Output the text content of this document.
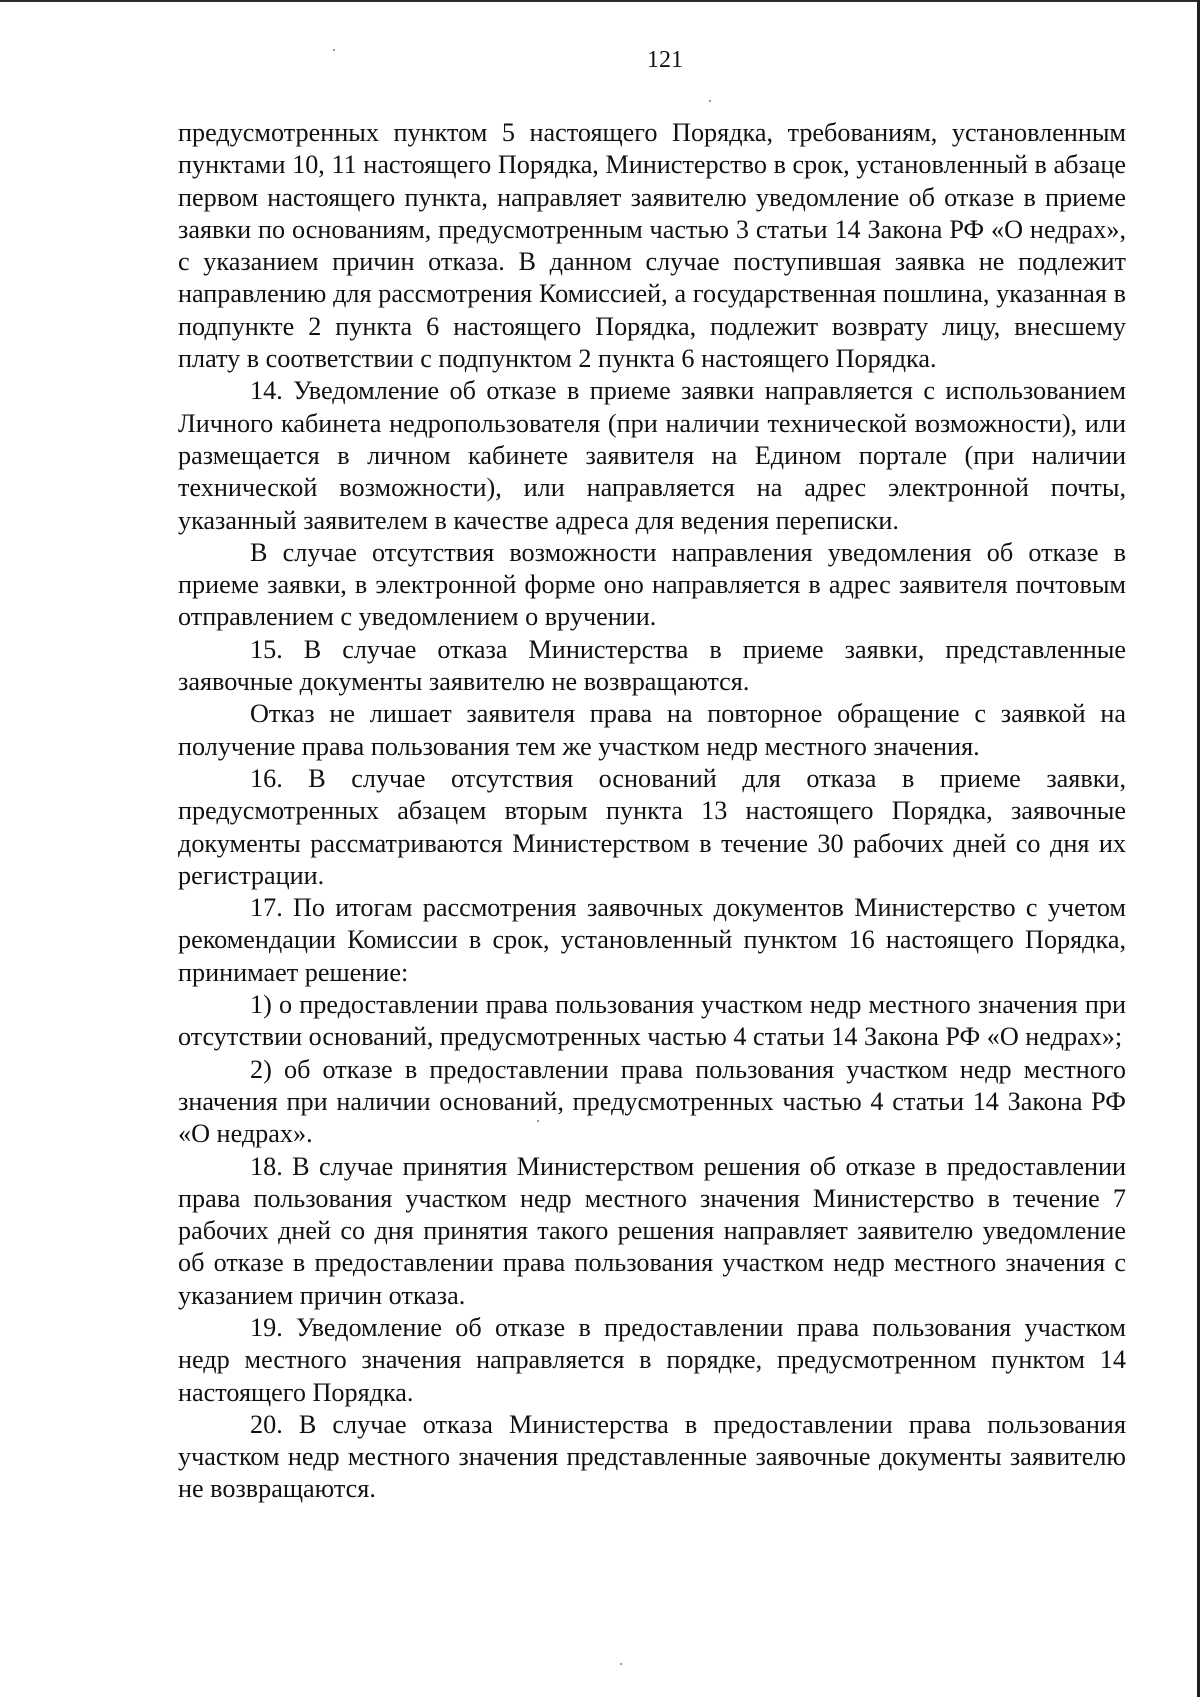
121

предусмотренных пунктом 5 настоящего Порядка, требованиям, установленным пунктами 10, 11 настоящего Порядка, Министерство в срок, установленный в абзаце первом настоящего пункта, направляет заявителю уведомление об отказе в приеме заявки по основаниям, предусмотренным частью 3 статьи 14 Закона РФ «О недрах», с указанием причин отказа. В данном случае поступившая заявка не подлежит направлению для рассмотрения Комиссией, а государственная пошлина, указанная в подпункте 2 пункта 6 настоящего Порядка, подлежит возврату лицу, внесшему плату в соответствии с подпунктом 2 пункта 6 настоящего Порядка.

14. Уведомление об отказе в приеме заявки направляется с использованием Личного кабинета недропользователя (при наличии технической возможности), или размещается в личном кабинете заявителя на Едином портале (при наличии технической возможности), или направляется на адрес электронной почты, указанный заявителем в качестве адреса для ведения переписки.

В случае отсутствия возможности направления уведомления об отказе в приеме заявки, в электронной форме оно направляется в адрес заявителя почтовым отправлением с уведомлением о вручении.

15. В случае отказа Министерства в приеме заявки, представленные заявочные документы заявителю не возвращаются.

Отказ не лишает заявителя права на повторное обращение с заявкой на получение права пользования тем же участком недр местного значения.

16. В случае отсутствия оснований для отказа в приеме заявки, предусмотренных абзацем вторым пункта 13 настоящего Порядка, заявочные документы рассматриваются Министерством в течение 30 рабочих дней со дня их регистрации.

17. По итогам рассмотрения заявочных документов Министерство с учетом рекомендации Комиссии в срок, установленный пунктом 16 настоящего Порядка, принимает решение:

1) о предоставлении права пользования участком недр местного значения при отсутствии оснований, предусмотренных частью 4 статьи 14 Закона РФ «О недрах»;

2) об отказе в предоставлении права пользования участком недр местного значения при наличии оснований, предусмотренных частью 4 статьи 14 Закона РФ «О недрах».

18. В случае принятия Министерством решения об отказе в предоставлении права пользования участком недр местного значения Министерство в течение 7 рабочих дней со дня принятия такого решения направляет заявителю уведомление об отказе в предоставлении права пользования участком недр местного значения с указанием причин отказа.

19. Уведомление об отказе в предоставлении права пользования участком недр местного значения направляется в порядке, предусмотренном пунктом 14 настоящего Порядка.

20. В случае отказа Министерства в предоставлении права пользования участком недр местного значения представленные заявочные документы заявителю не возвращаются.
